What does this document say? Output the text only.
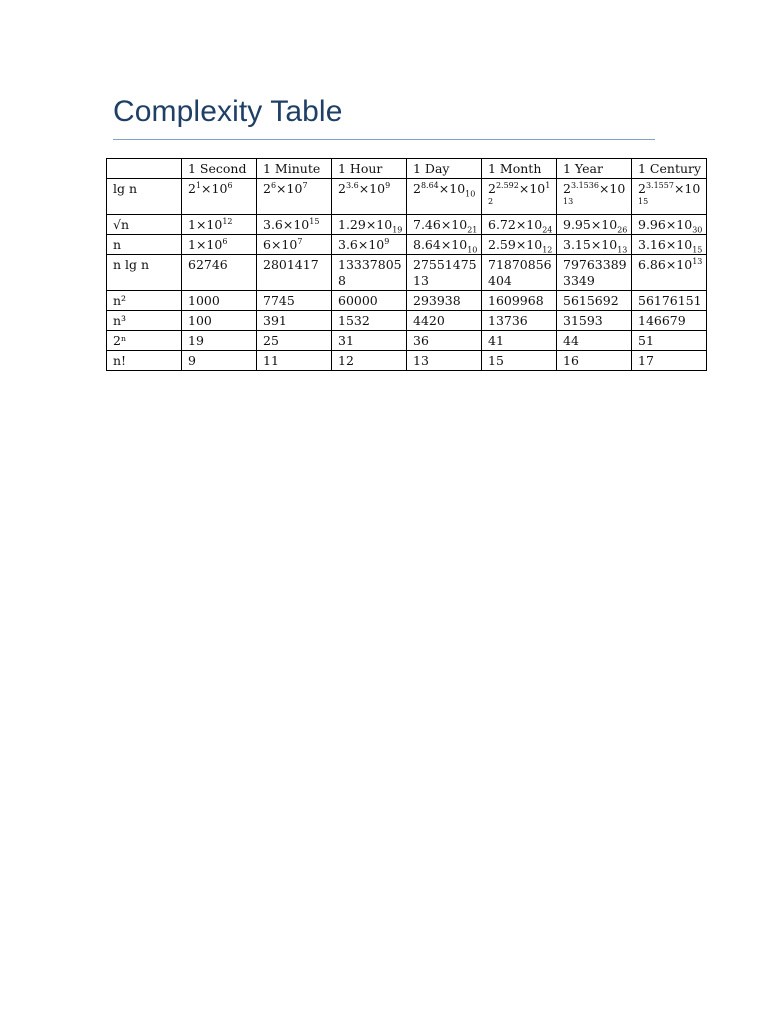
Complexity Table
	1 Second	1 Minute	1 Hour	1 Day	1 Month	1 Year	1 Century
lg n	$2^1\times 10^6$	$2^6\times 10^7$	$2^{3.6}\times 10^9$	$2^{8.64}\times 10_{10}$	$2^{2.592}\times 10^{12}$	$2^{3.1536}\times 10^{13}$	$2^{3.1557}\times 10^{15}$
√n	$1\times 10^{12}$	$3.6\times 10^{15}$	$1.29\times 10_{19}$	$7.46\times 10_{21}$	$6.72\times 10_{24}$	$9.95\times 10_{26}$	$9.96\times 10_{30}$
n	$1\times 10^6$	$6\times 10^7$	$3.6\times 10^9$	$8.64\times 10_{10}$	$2.59\times 10_{12}$	$3.15\times 10_{13}$	$3.16\times 10_{15}$
n lg n	62746	2801417	133378058	2755147513	71870856404	797633893349	$6.86\times 10^{13}$
n²	1000	7745	60000	293938	1609968	5615692	56176151
n³	100	391	1532	4420	13736	31593	146679
2ⁿ	19	25	31	36	41	44	51
n!	9	11	12	13	15	16	17
